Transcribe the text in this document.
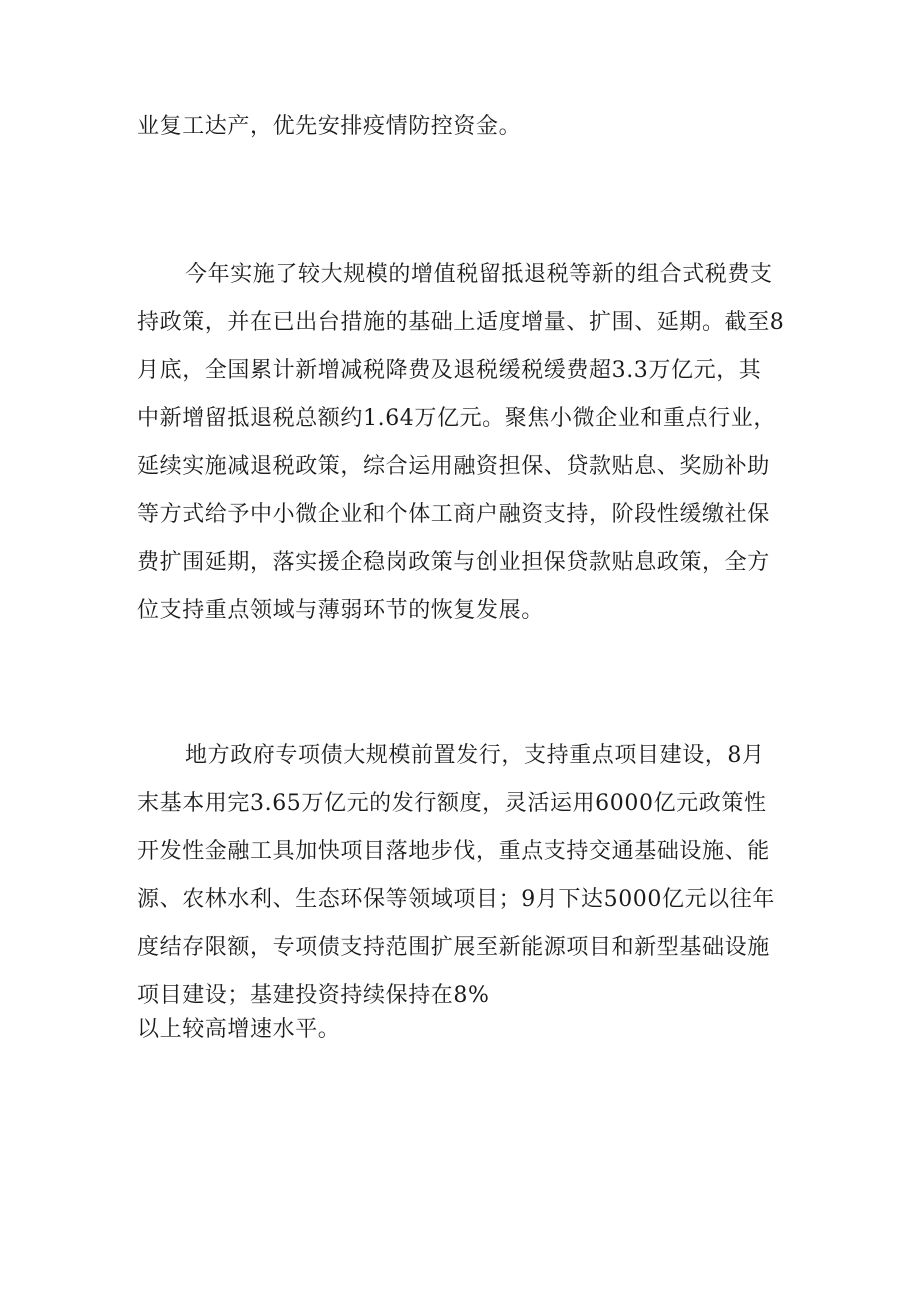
业复工达产，优先安排疫情防控资金。
今年实施了较大规模的增值税留抵退税等新的组合式税费支
持政策，并在已出台措施的基础上适度增量、扩围、延期。截至8
月底，全国累计新增减税降费及退税缓税缓费超3.3万亿元，其
中新增留抵退税总额约1.64万亿元。聚焦小微企业和重点行业，
延续实施减退税政策，综合运用融资担保、贷款贴息、奖励补助
等方式给予中小微企业和个体工商户融资支持，阶段性缓缴社保
费扩围延期，落实援企稳岗政策与创业担保贷款贴息政策，全方
位支持重点领域与薄弱环节的恢复发展。
地方政府专项债大规模前置发行，支持重点项目建设，8月
末基本用完3.65万亿元的发行额度，灵活运用6000亿元政策性
开发性金融工具加快项目落地步伐，重点支持交通基础设施、能
源、农林水利、生态环保等领域项目；9月下达5000亿元以往年
度结存限额，专项债支持范围扩展至新能源项目和新型基础设施
项目建设；基建投资持续保持在8%
以上较高增速水平。
